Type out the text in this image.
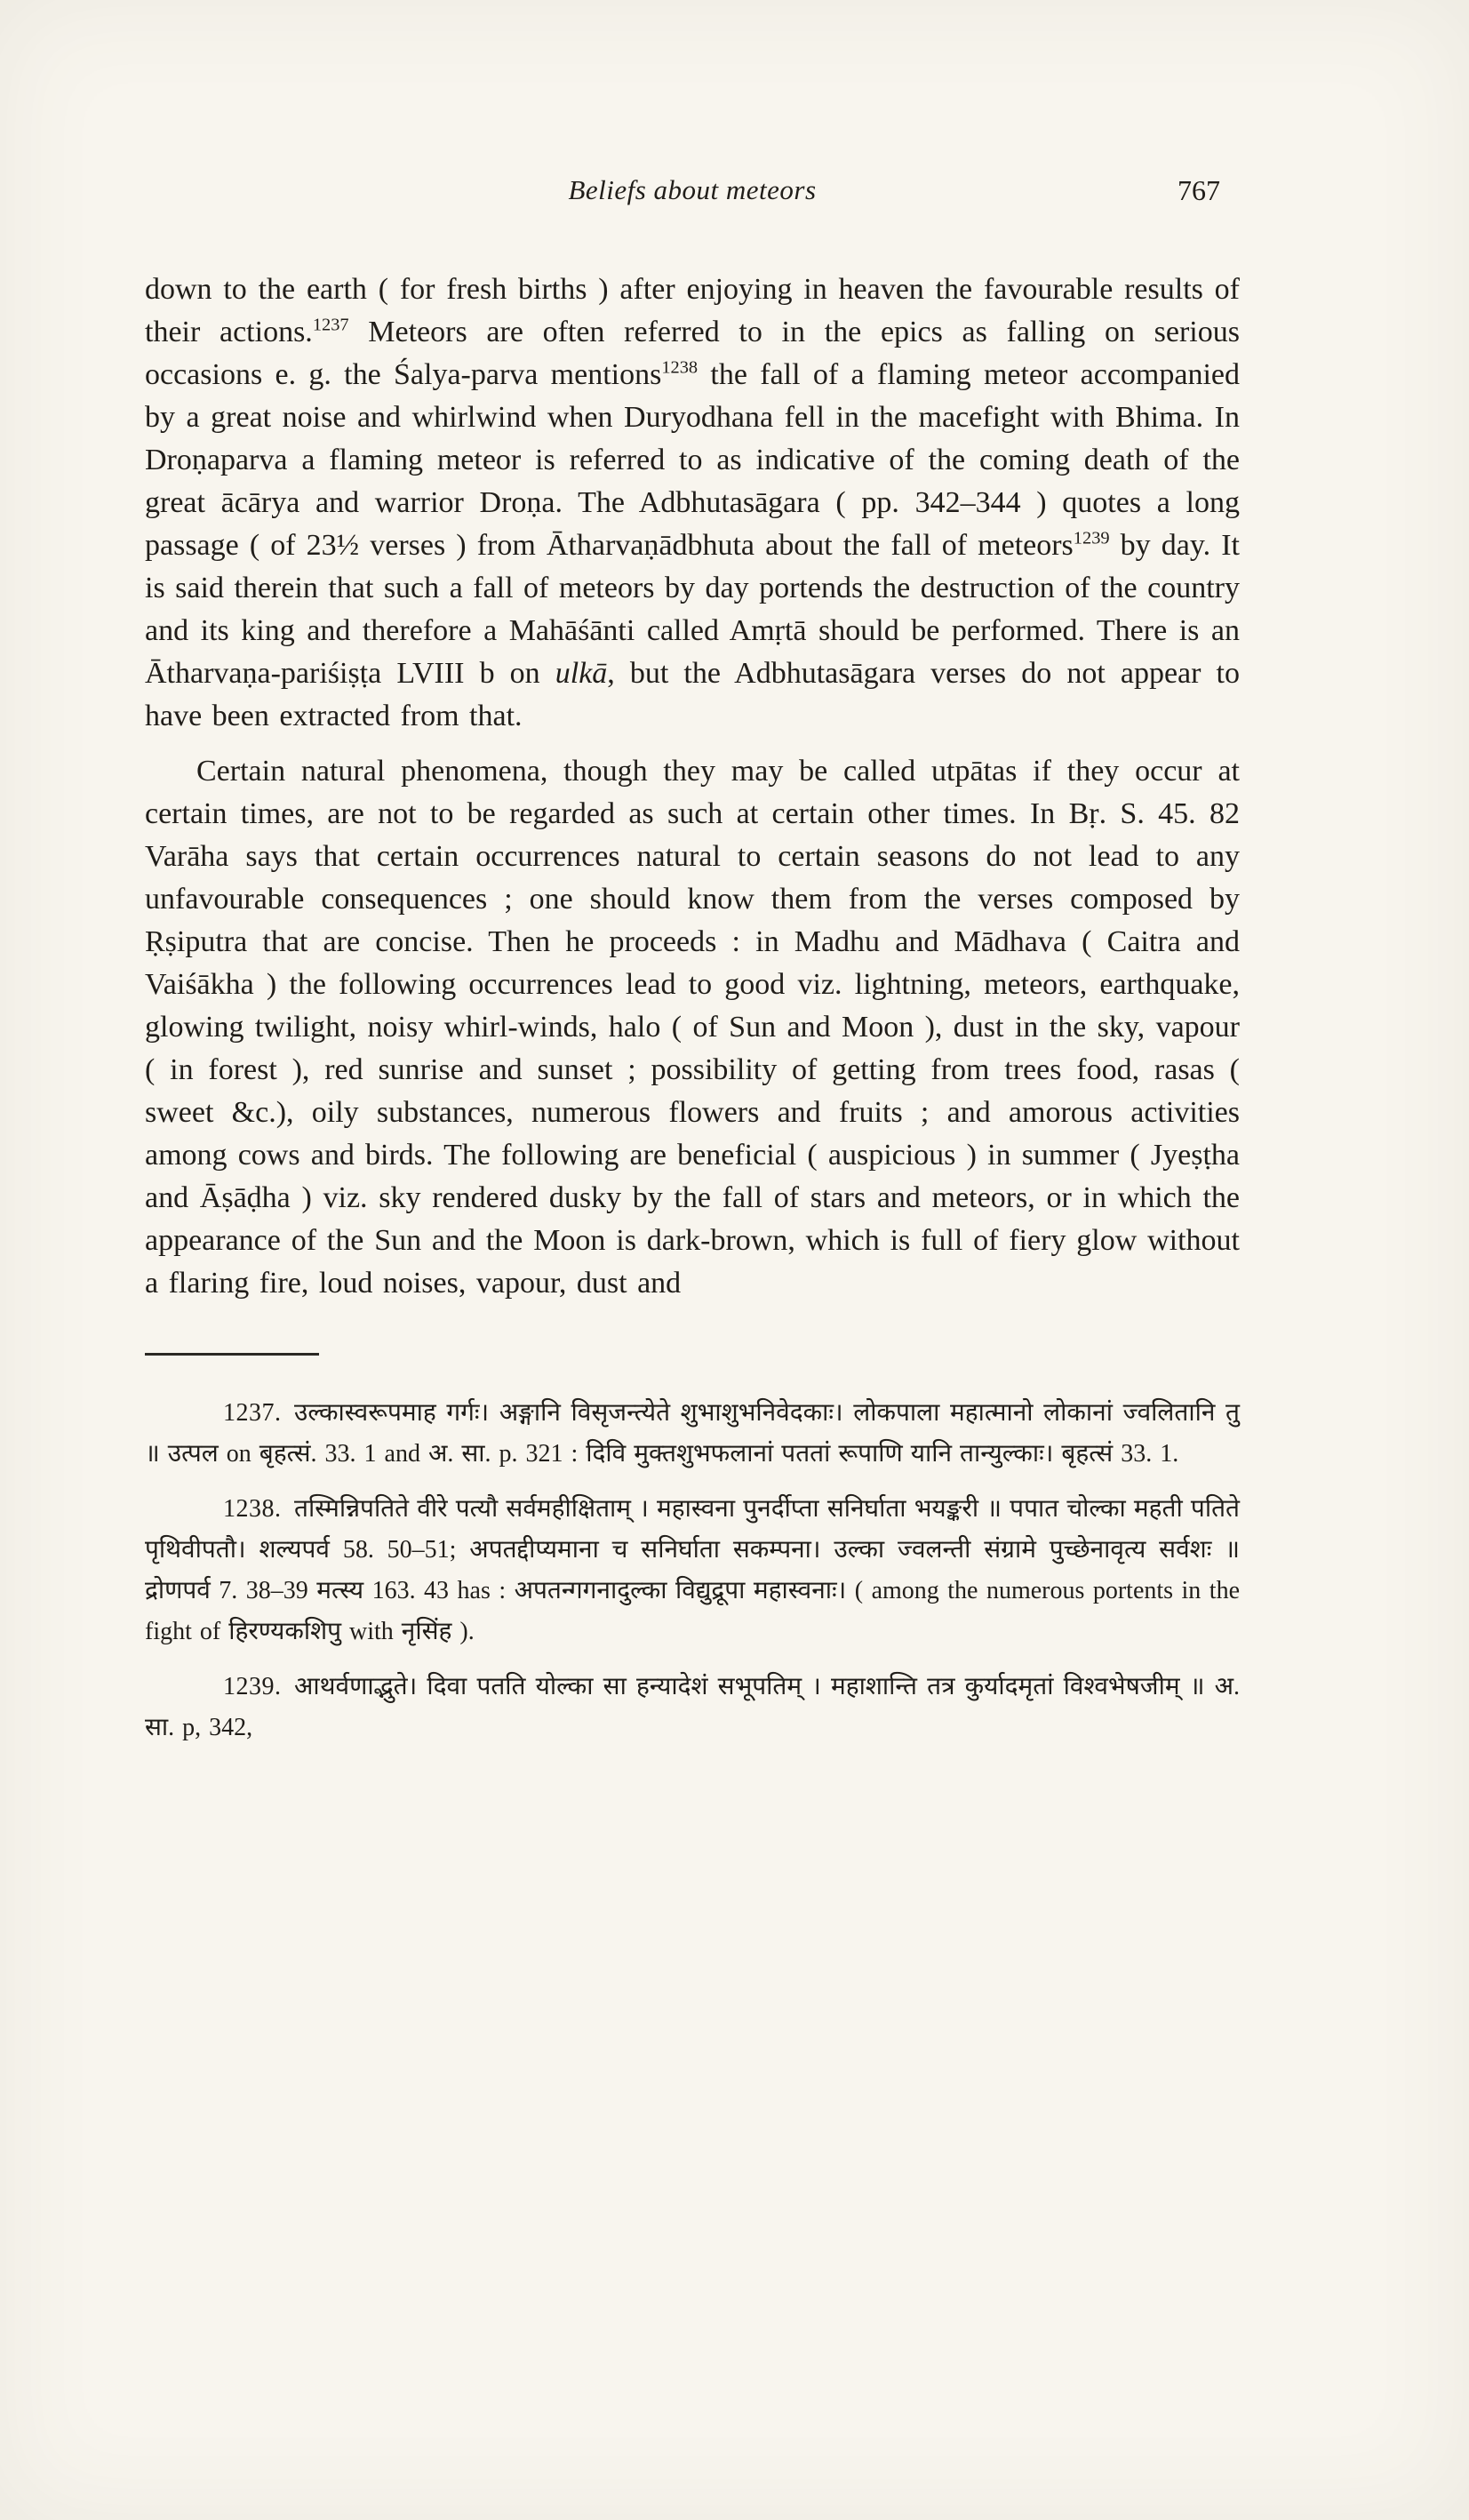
Beliefs about meteors	767

down to the earth ( for fresh births ) after enjoying in heaven the favourable results of their actions.$^{1237}$ Meteors are often referred to in the epics as falling on serious occasions e. g. the Śalya-parva mentions$^{1238}$ the fall of a flaming meteor accompanied by a great noise and whirlwind when Duryodhana fell in the macefight with Bhima. In Droṇaparva a flaming meteor is referred to as indicative of the coming death of the great ācārya and warrior Droṇa. The Adbhutasāgara ( pp. 342–344 ) quotes a long passage ( of 23½ verses ) from Ātharvaṇādbhuta about the fall of meteors$^{1239}$ by day. It is said therein that such a fall of meteors by day portends the destruction of the country and its king and therefore a Mahāśānti called Amṛtā should be performed. There is an Ātharvaṇa-pariśiṣṭa LVIII b on ulkā, but the Adbhutasāgara verses do not appear to have been extracted from that.

Certain natural phenomena, though they may be called utpātas if they occur at certain times, are not to be regarded as such at certain other times. In Bṛ. S. 45. 82 Varāha says that certain occurrences natural to certain seasons do not lead to any unfavourable consequences ; one should know them from the verses composed by Ṛṣiputra that are concise. Then he proceeds : in Madhu and Mādhava ( Caitra and Vaiśākha ) the following occurrences lead to good viz. lightning, meteors, earthquake, glowing twilight, noisy whirl-winds, halo ( of Sun and Moon ), dust in the sky, vapour ( in forest ), red sunrise and sunset ; possibility of getting from trees food, rasas ( sweet &c.), oily substances, numerous flowers and fruits ; and amorous activities among cows and birds. The following are beneficial ( auspicious ) in summer ( Jyeṣṭha and Āṣāḍha ) viz. sky rendered dusky by the fall of stars and meteors, or in which the appearance of the Sun and the Moon is dark-brown, which is full of fiery glow without a flaring fire, loud noises, vapour, dust and

1237. उल्कास्वरूपमाह गर्गः। अङ्गानि विसृजन्त्येते शुभाशुभनिवेदकाः। लोकपाला महात्मानो लोकानां ज्वलितानि तु ॥ उत्पल on बृहत्सं. 33. 1 and अ. सा. p. 321 : दिवि मुक्तशुभफलानां पततां रूपाणि यानि तान्युल्काः। बृहत्सं 33. 1.

1238. तस्मिन्निपतिते वीरे पत्यौ सर्वमहीक्षिताम् । महास्वना पुनर्दीप्ता सनिर्घाता भयङ्करी ॥ पपात चोल्का महती पतिते पृथिवीपतौ। शल्यपर्व 58. 50–51; अपतद्दीप्यमाना च सनिर्घाता सकम्पना। उल्का ज्वलन्ती संग्रामे पुच्छेनावृत्य सर्वशः ॥ द्रोणपर्व 7. 38–39 मत्स्य 163. 43 has : अपतन्गगनादुल्का विद्युद्रूपा महास्वनाः। ( among the numerous portents in the fight of हिरण्यकशिपु with नृसिंह ).

1239. आथर्वणाद्भुते। दिवा पतति योल्का सा हन्यादेशं सभूपतिम् । महाशान्ति तत्र कुर्यादमृतां विश्वभेषजीम् ॥ अ. सा. p, 342,
